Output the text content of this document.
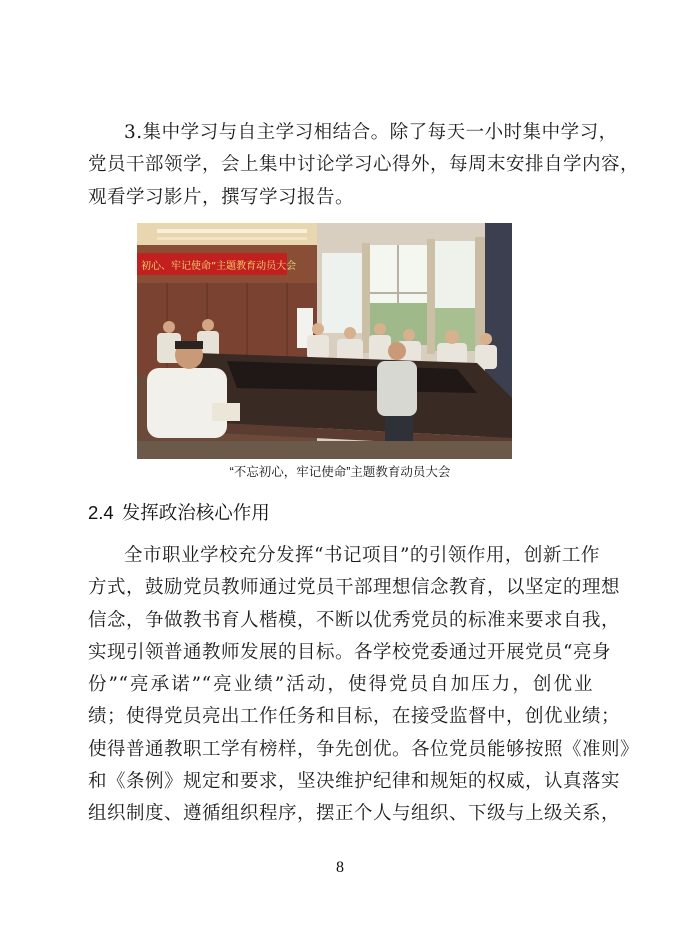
3.集中学习与自主学习相结合。除了每天一小时集中学习，
党员干部领学，会上集中讨论学习心得外，每周末安排自学内容，
观看学习影片，撰写学习报告。
初心、牢记使命”主题教育动员大会
“不忘初心，牢记使命”主题教育动员大会
2.4 发挥政治核心作用
全市职业学校充分发挥“书记项目”的引领作用，创新工作
方式，鼓励党员教师通过党员干部理想信念教育，以坚定的理想
信念，争做教书育人楷模，不断以优秀党员的标准来要求自我，
实现引领普通教师发展的目标。各学校党委通过开展党员“亮身
份”“亮承诺”“亮业绩”活动，使得党员自加压力，创优业
绩；使得党员亮出工作任务和目标，在接受监督中，创优业绩；
使得普通教职工学有榜样，争先创优。各位党员能够按照《准则》
和《条例》规定和要求，坚决维护纪律和规矩的权威，认真落实
组织制度、遵循组织程序，摆正个人与组织、下级与上级关系，
8
